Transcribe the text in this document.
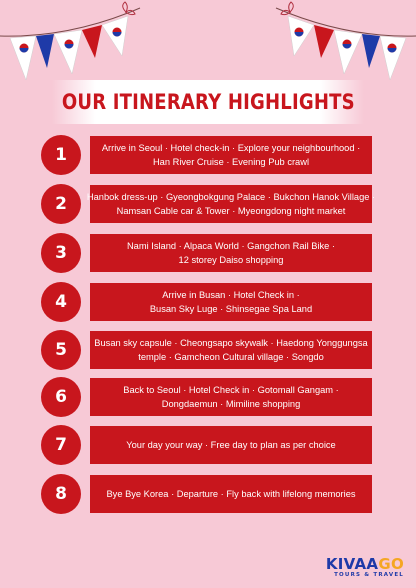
OUR ITINERARY HIGHLIGHTS
1	Arrive in Seoul · Hotel check-in · Explore your neighbourhood ·
Han River Cruise · Evening Pub crawl
2	Hanbok dress-up · Gyeongbokgung Palace · Bukchon Hanok Village ·
Namsan Cable car & Tower · Myeongdong night market
3	Nami Island · Alpaca World · Gangchon Rail Bike ·
12 storey Daiso shopping
4	Arrive in Busan · Hotel Check in ·
Busan Sky Luge · Shinsegae Spa Land
5	Busan sky capsule · Cheongsapo skywalk · Haedong Yonggungsa
temple · Gamcheon Cultural village · Songdo
6	Back to Seoul · Hotel Check in · Gotomall Gangam ·
Dongdaemun · Mimiline shopping
7	Your day your way · Free day to plan as per choice
8	Bye Bye Korea · Departure · Fly back with lifelong memories
KIVAAGO
TOURS & TRAVEL
